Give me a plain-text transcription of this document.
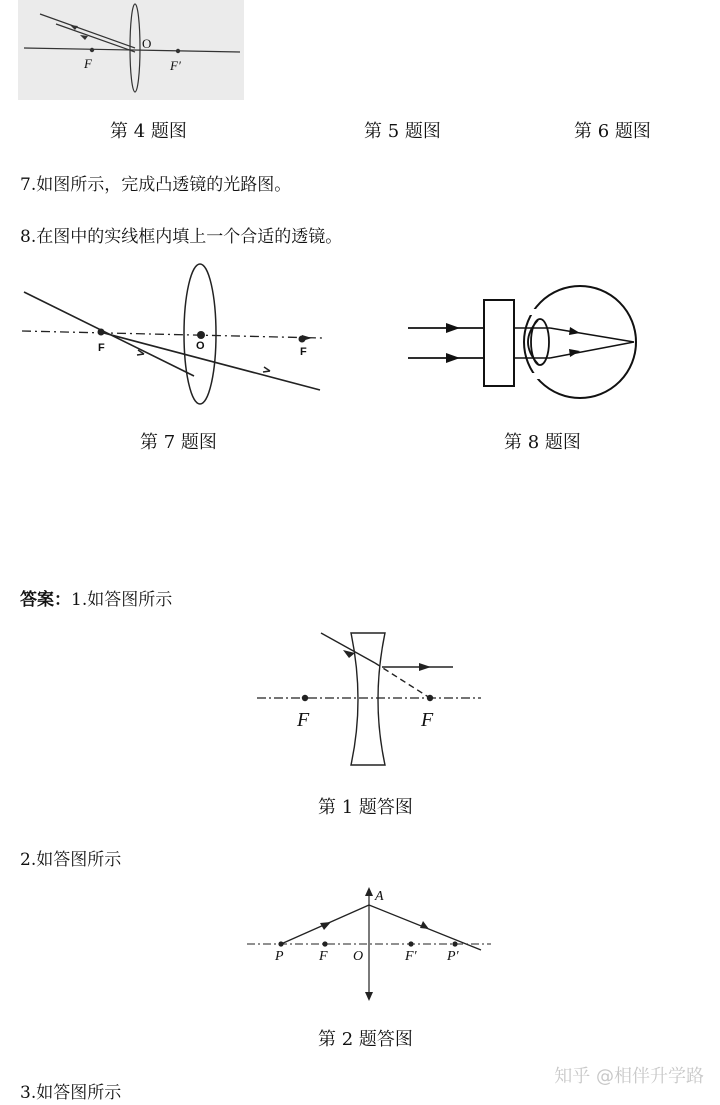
O
F	F′
第 4 题图	第 5 题图	第 6 题图
7.如图所示，完成凸透镜的光路图。
8.在图中的实线框内填上一个合适的透镜。
F	O	F
第 7 题图	第 8 题图
答案：1.如答图所示
F	F
第 1 题答图
2.如答图所示
A
P	F O	F′ P′
第 2 题答图
3.如答图所示
知乎 @相伴升学路
